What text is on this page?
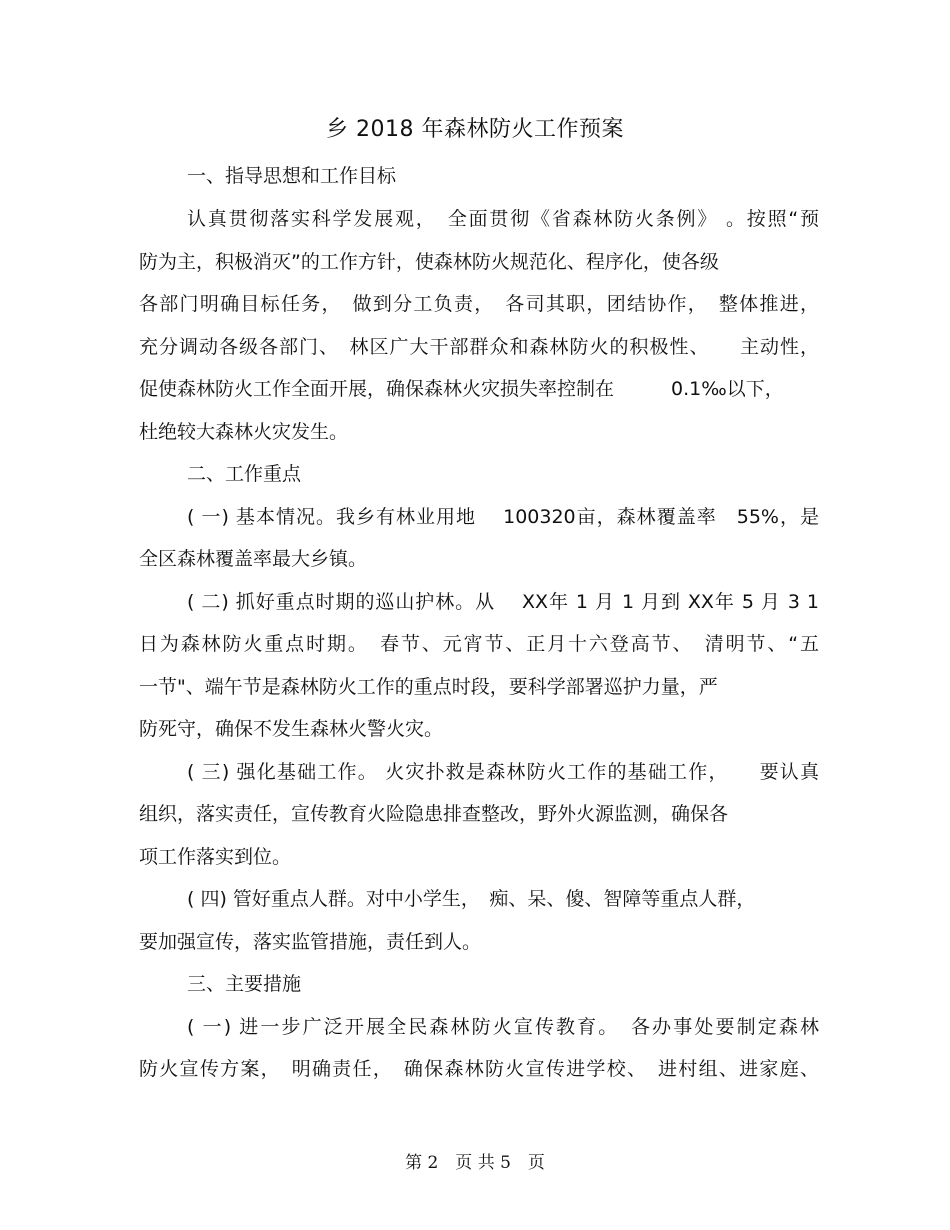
乡 2018 年森林防火工作预案
一、指导思想和工作目标
认真贯彻落实科学发展观，　全面贯彻《省森林防火条例》 。按照“预
防为主，积极消灭”的工作方针，使森林防火规范化、程序化，使各级
各部门明确目标任务，　做到分工负责，　各司其职，团结协作，　整体推进，
充分调动各级各部门、　林区广大干部群众和森林防火的积极性、　　主动性，
促使森林防火工作全面开展，确保森林火灾损失率控制在　　　0.1‰以下，
杜绝较大森林火灾发生。
二、工作重点
( 一) 基本情况。我乡有林业用地　 100320亩，森林覆盖率　55%，是
全区森林覆盖率最大乡镇。
( 二) 抓好重点时期的巡山护林。从　 XX年 1 月 1 月到 XX年 5 月 3 1
日为森林防火重点时期。　春节、元宵节、正月十六登高节、　清明节、“五
一节"、端午节是森林防火工作的重点时段，要科学部署巡护力量，严
防死守，确保不发生森林火警火灾。
( 三) 强化基础工作。 火灾扑救是森林防火工作的基础工作，　　要认真
组织，落实责任，宣传教育火险隐患排查整改，野外火源监测，确保各
项工作落实到位。
( 四) 管好重点人群。对中小学生，　痴、呆、傻、智障等重点人群，
要加强宣传，落实监管措施，责任到人。
三、主要措施
( 一) 进一步广泛开展全民森林防火宣传教育。　各办事处要制定森林
防火宣传方案，　明确责任，　确保森林防火宣传进学校、　进村组、进家庭、
第 2　页 共 5　页
